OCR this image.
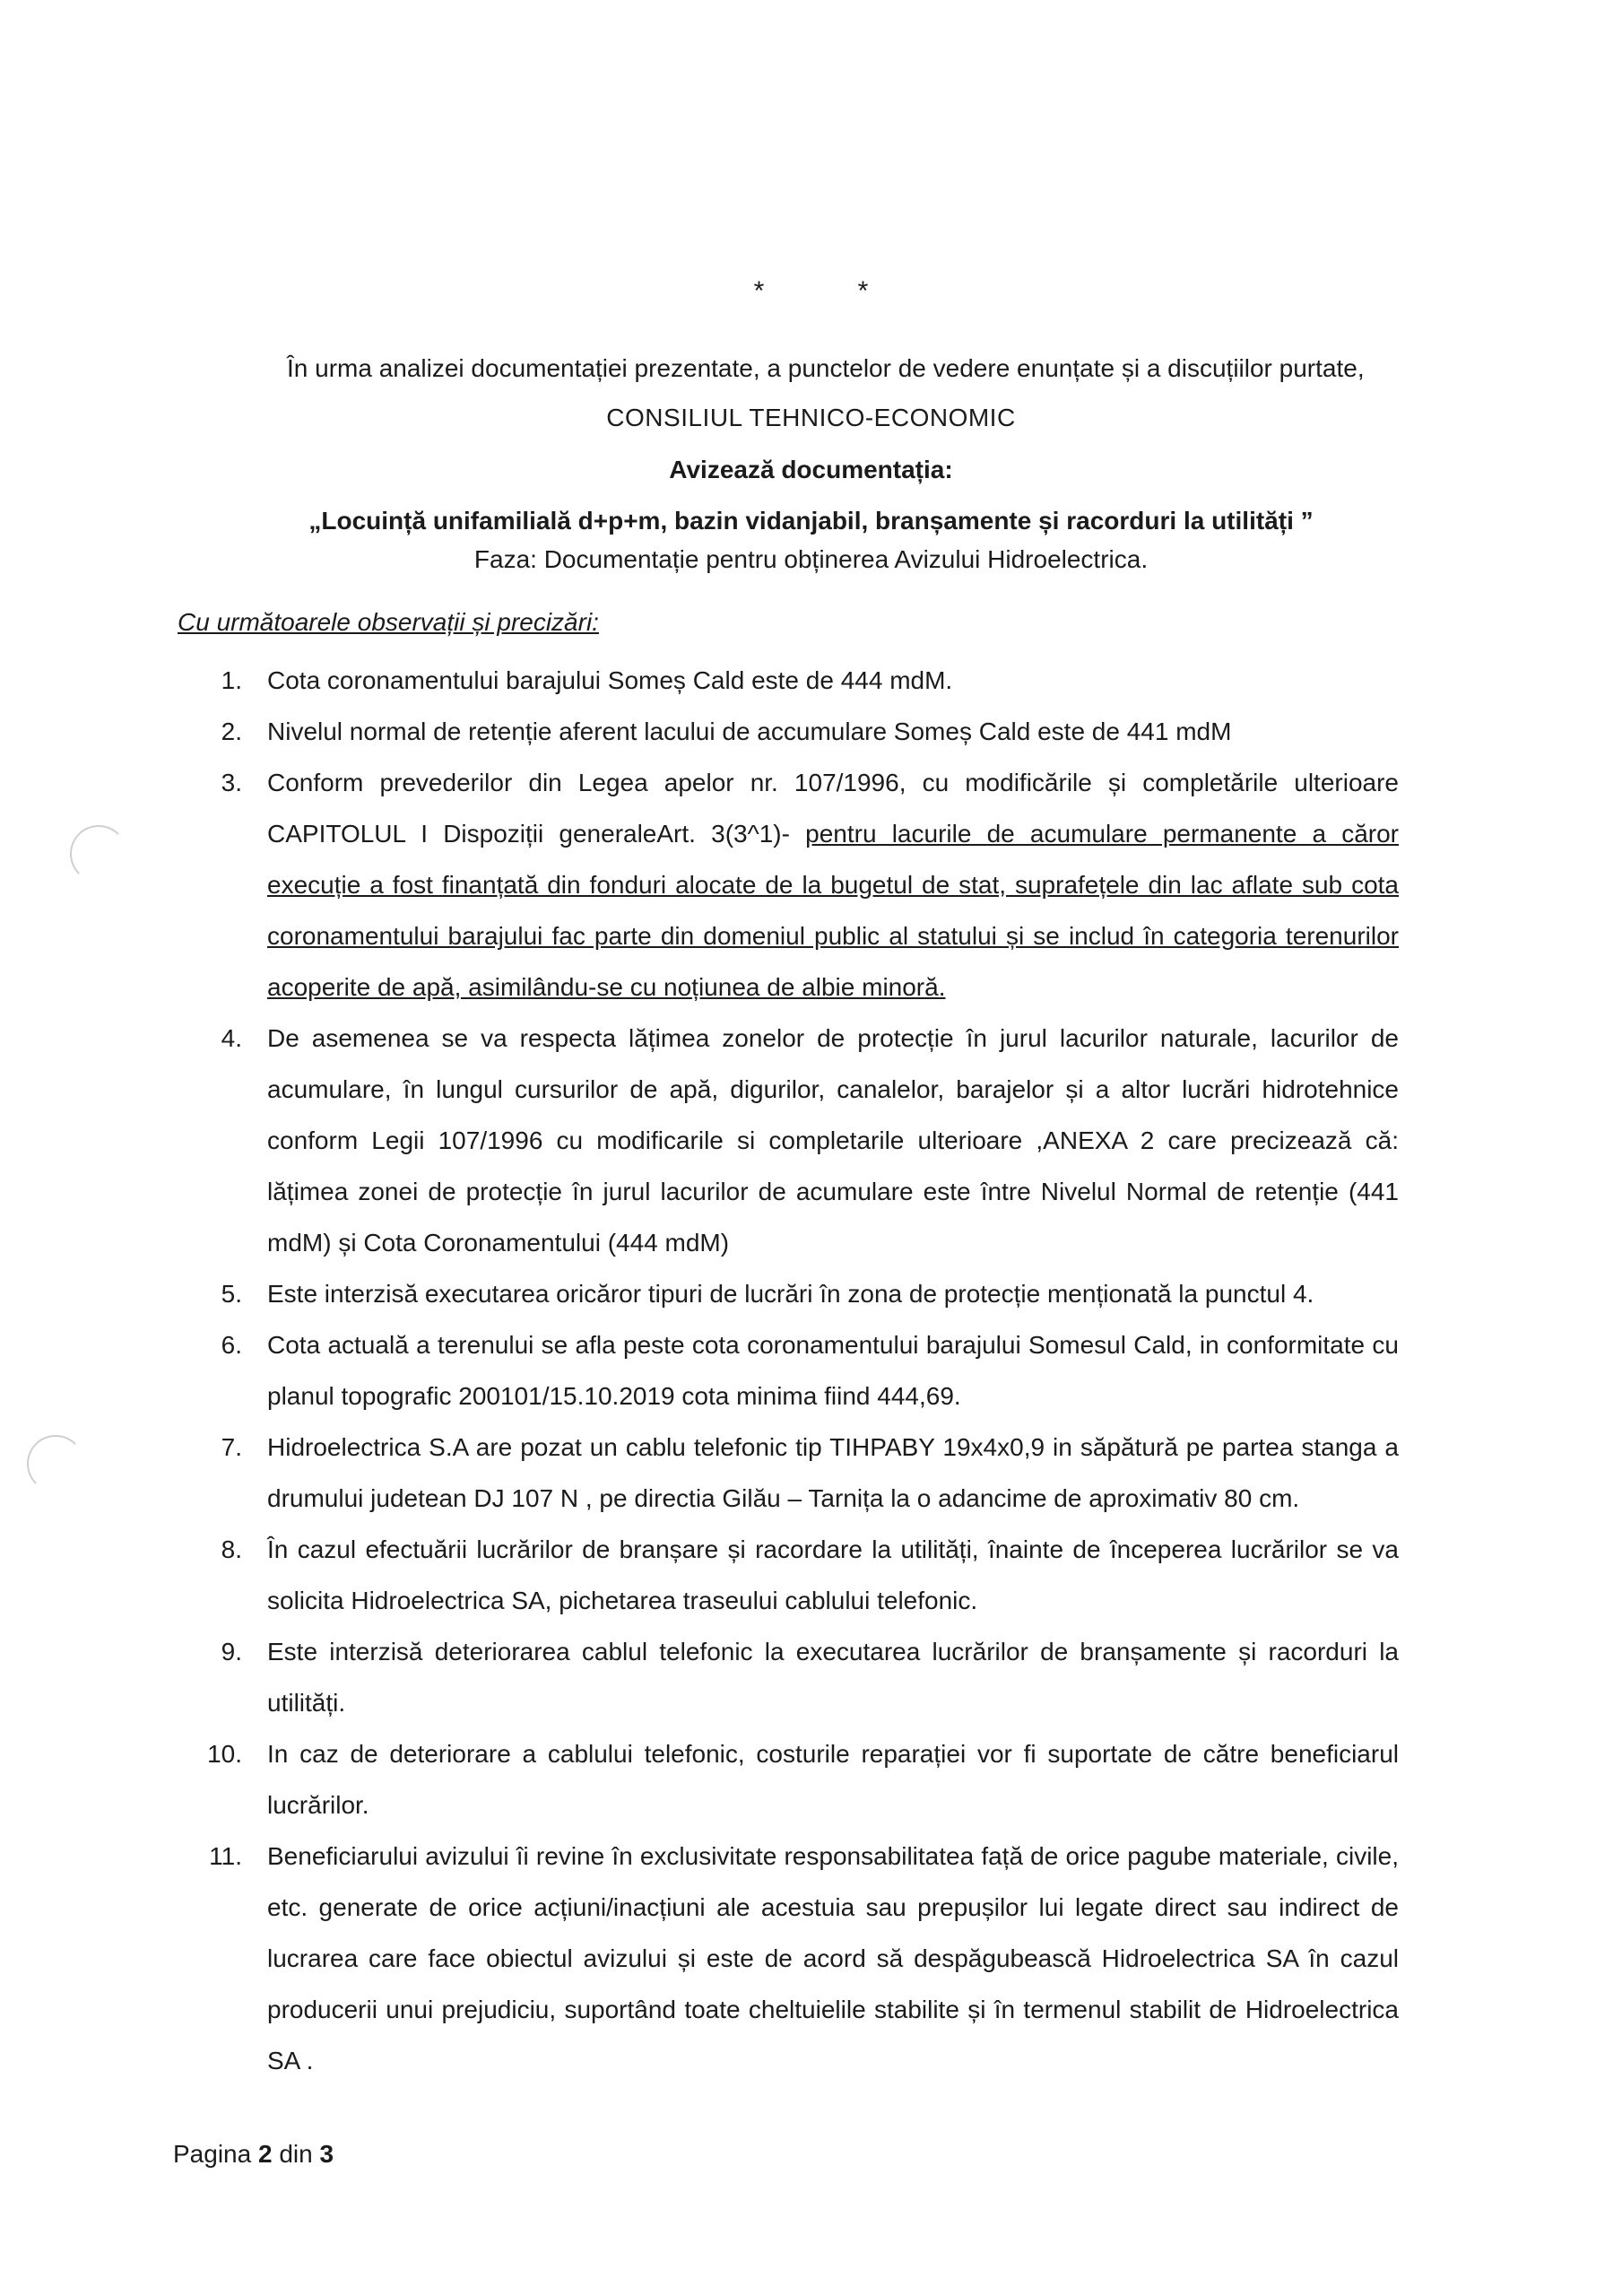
*	*
În urma analizei documentației prezentate, a punctelor de vedere enunțate și a discuțiilor purtate,
CONSILIUL TEHNICO-ECONOMIC
Avizează documentația:
„Locuință unifamilială d+p+m, bazin vidanjabil, branșamente și racorduri la utilități ”
Faza: Documentație pentru obținerea Avizului Hidroelectrica.
Cu următoarele observații și precizări:
1. Cota coronamentului barajului Someș Cald este de 444 mdM.
2. Nivelul normal de retenție aferent lacului de accumulare Someș Cald este de 441 mdM
3. Conform prevederilor din Legea apelor nr. 107/1996, cu modificările și completările ulterioare CAPITOLUL I Dispoziții generaleArt. 3(3^1)- pentru lacurile de acumulare permanente a căror execuție a fost finanțată din fonduri alocate de la bugetul de stat, suprafețele din lac aflate sub cota coronamentului barajului fac parte din domeniul public al statului și se includ în categoria terenurilor acoperite de apă, asimilându-se cu noțiunea de albie minoră.
4. De asemenea se va respecta lățimea zonelor de protecție în jurul lacurilor naturale, lacurilor de acumulare, în lungul cursurilor de apă, digurilor, canalelor, barajelor și a altor lucrări hidrotehnice conform Legii 107/1996 cu modificarile si completarile ulterioare ,ANEXA 2 care precizează că: lățimea zonei de protecție în jurul lacurilor de acumulare este între Nivelul Normal de retenție (441 mdM) și Cota Coronamentului (444 mdM)
5. Este interzisă executarea oricăror tipuri de lucrări în zona de protecție menționată la punctul 4.
6. Cota actuală a terenului se afla peste cota coronamentului barajului Somesul Cald, in conformitate cu planul topografic 200101/15.10.2019 cota minima fiind 444,69.
7. Hidroelectrica S.A are pozat un cablu telefonic tip TIHPABY 19x4x0,9 in săpătură pe partea stanga a drumului judetean DJ 107 N , pe directia Gilău – Tarnița la o adancime de aproximativ 80 cm.
8. În cazul efectuării lucrărilor de branșare și racordare la utilități, înainte de începerea lucrărilor se va solicita Hidroelectrica SA, pichetarea traseului cablului telefonic.
9. Este interzisă deteriorarea cablul telefonic la executarea lucrărilor de branșamente și racorduri la utilități.
10. In caz de deteriorare a cablului telefonic, costurile reparației vor fi suportate de către beneficiarul lucrărilor.
11. Beneficiarului avizului îi revine în exclusivitate responsabilitatea față de orice pagube materiale, civile, etc. generate de orice acțiuni/inacțiuni ale acestuia sau prepușilor lui legate direct sau indirect de lucrarea care face obiectul avizului și este de acord să despăgubească Hidroelectrica SA în cazul producerii unui prejudiciu, suportând toate cheltuielile stabilite și în termenul stabilit de Hidroelectrica SA .
Pagina 2 din 3
